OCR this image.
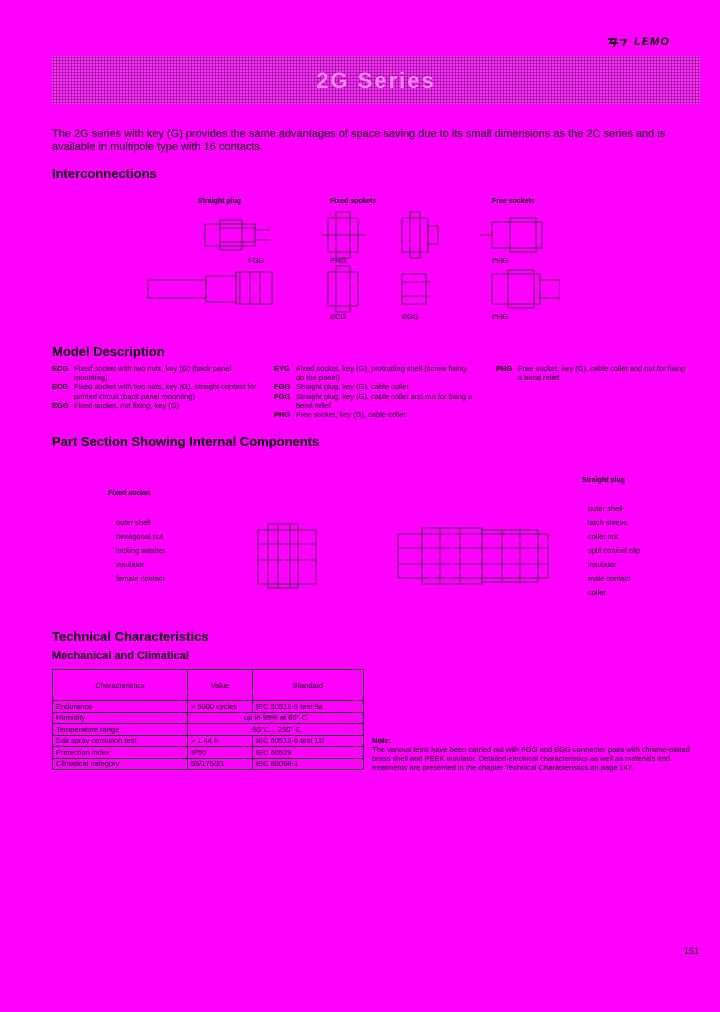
LEMO
2G Series
The 2G series with key (G) provides the same advantages of space saving due to its small dimensions as the 2C series and is available in multipole type with 16 contacts.
Interconnections
Straight plug	Fixed sockets	Free sockets
FGG	PHG
ECG	EGG
PHG
PHG
Model Description
ECG Fixed socket with two nuts, key (G) (back panel mounting)
ECG Fixed socket with two nuts, key (G), straight contact for printed circuit (back panel mounting)
EGG Fixed socket, nut fixing, key (G)
EYG Fixed socket, key (G), protruding shell (screw fixing on the panel)
FGG Straight plug, key (G), cable collet
FGG Straight plug, key (G), cable collet and nut for fixing a bend relief
PHG Free socket, key (G), cable collet
PHG Free socket, key (G), cable collet and nut for fixing a bend relief
Part Section Showing Internal Components
Fixed socket
Straight plug
outer shell
hexagonal nut
locking washer
insulator
female contact
outer shell
latch sleeve
collet nut
split conical clip
insulator
male contact
collet
Technical Characteristics
Mechanical and Climatical
Characteristics	Value	Standard
Endurance	> 5000 cycles	IEC 60512-5 test 9a
Humidity	up to 95% at 60° C	
Temperature range	-55°C... 250° C	
Salt spray corrosion test	> 1 44 h	IEC 60512-6 test 11f
Protection index	IP50	IEC 60529
Climatical category	55/175/21	IEC 60068-1
Note:
The various tests have been carried out with FGG and EGG connector pairs with chrome-plated brass shell and PEEK insulator. Detailed electrical characteristics as well as materials and treatments are presented in the chapter Technical Characteristics on page 147.
151
